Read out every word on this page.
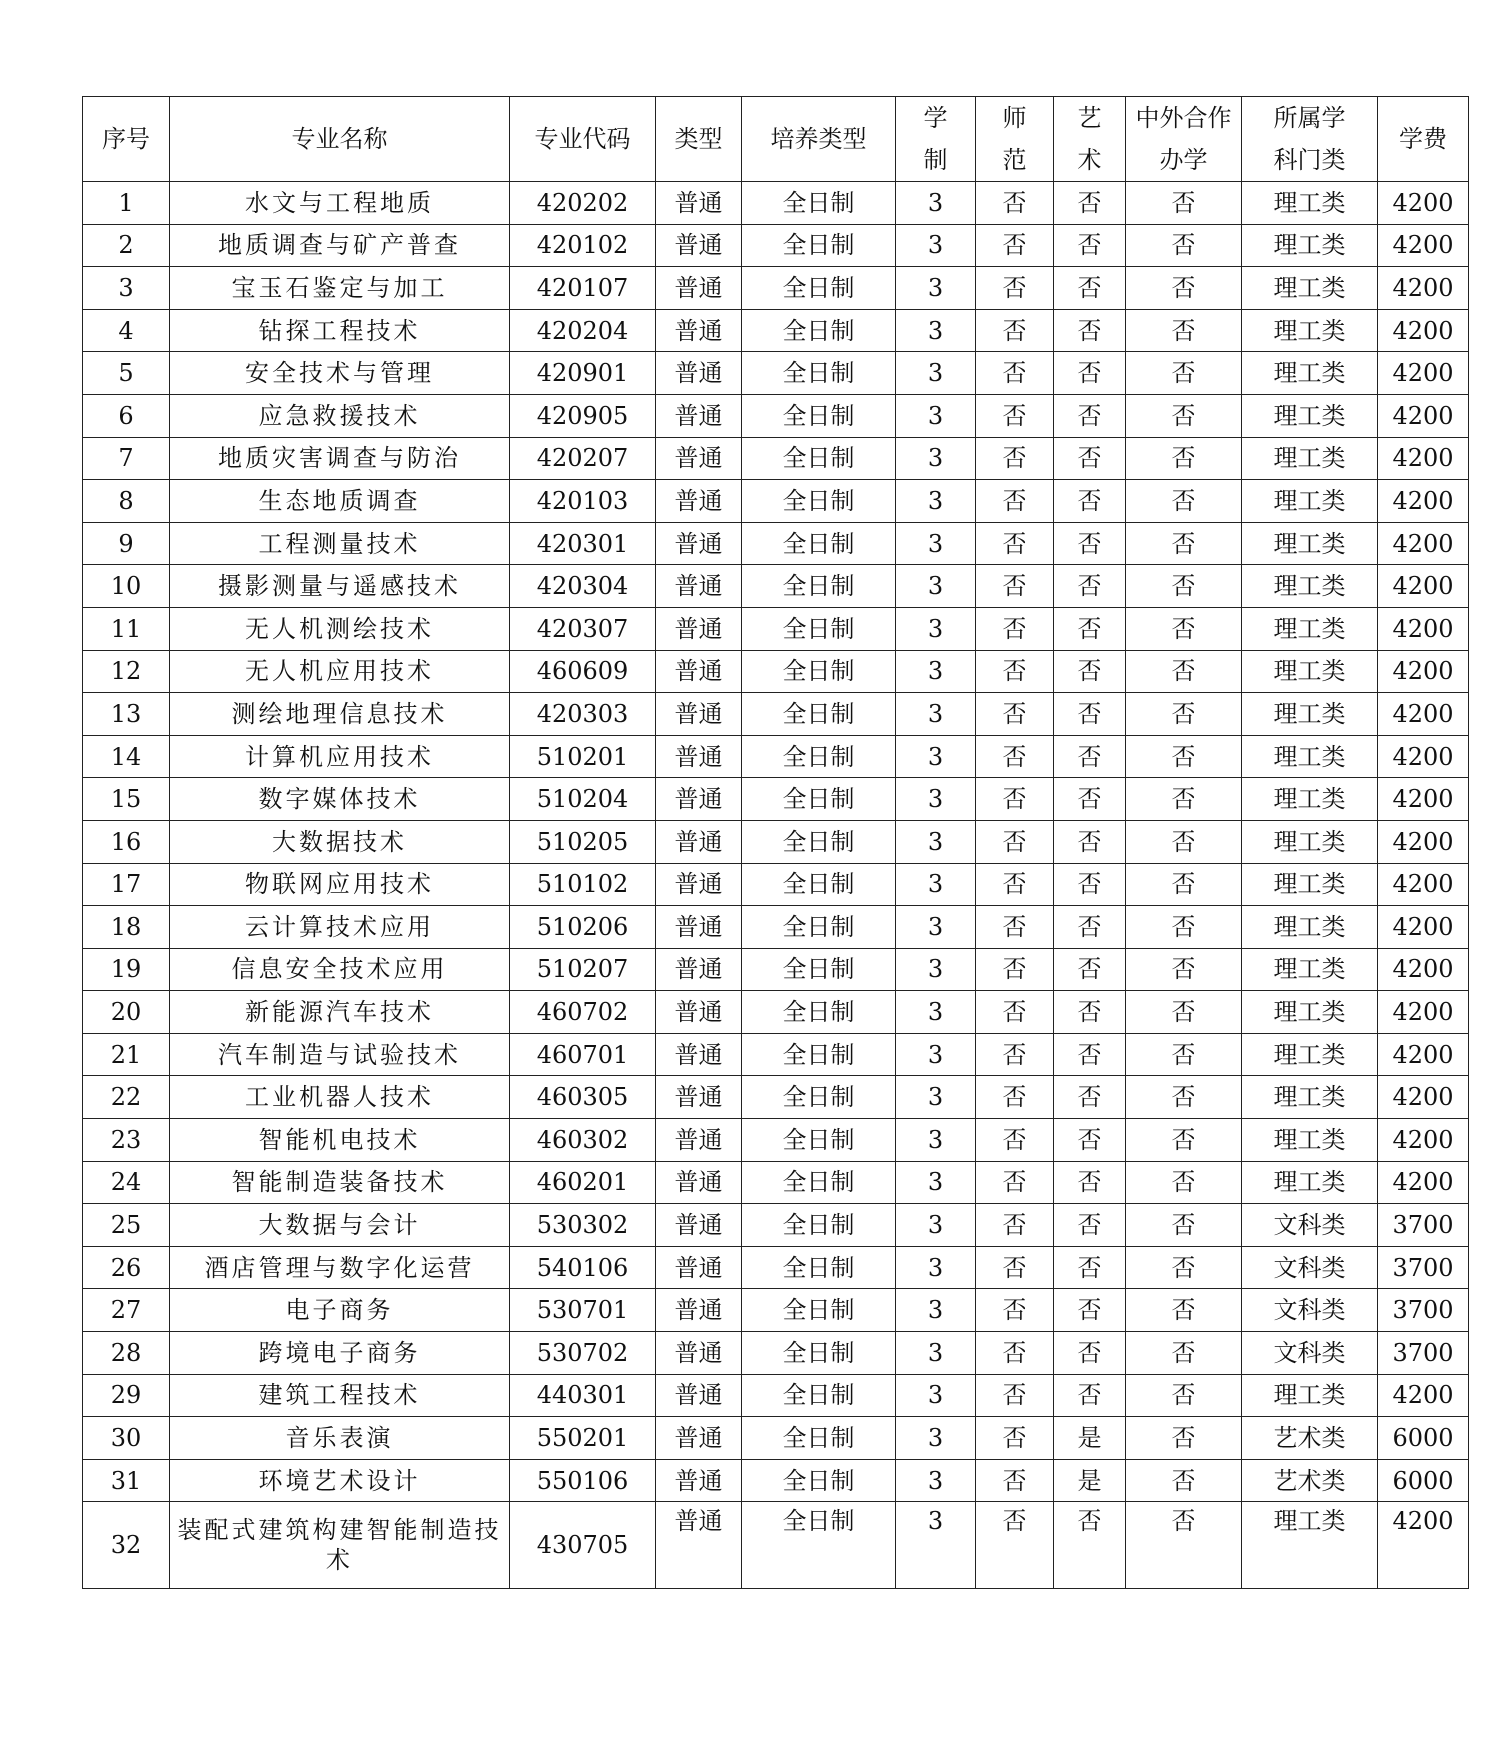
序号	专业名称	专业代码	类型	培养类型	学制	师范	艺术	中外合作办学	所属学科门类	学费
1	水文与工程地质	420202	普通	全日制	3	否	否	否	理工类	4200
2	地质调查与矿产普查	420102	普通	全日制	3	否	否	否	理工类	4200
3	宝玉石鉴定与加工	420107	普通	全日制	3	否	否	否	理工类	4200
4	钻探工程技术	420204	普通	全日制	3	否	否	否	理工类	4200
5	安全技术与管理	420901	普通	全日制	3	否	否	否	理工类	4200
6	应急救援技术	420905	普通	全日制	3	否	否	否	理工类	4200
7	地质灾害调查与防治	420207	普通	全日制	3	否	否	否	理工类	4200
8	生态地质调查	420103	普通	全日制	3	否	否	否	理工类	4200
9	工程测量技术	420301	普通	全日制	3	否	否	否	理工类	4200
10	摄影测量与遥感技术	420304	普通	全日制	3	否	否	否	理工类	4200
11	无人机测绘技术	420307	普通	全日制	3	否	否	否	理工类	4200
12	无人机应用技术	460609	普通	全日制	3	否	否	否	理工类	4200
13	测绘地理信息技术	420303	普通	全日制	3	否	否	否	理工类	4200
14	计算机应用技术	510201	普通	全日制	3	否	否	否	理工类	4200
15	数字媒体技术	510204	普通	全日制	3	否	否	否	理工类	4200
16	大数据技术	510205	普通	全日制	3	否	否	否	理工类	4200
17	物联网应用技术	510102	普通	全日制	3	否	否	否	理工类	4200
18	云计算技术应用	510206	普通	全日制	3	否	否	否	理工类	4200
19	信息安全技术应用	510207	普通	全日制	3	否	否	否	理工类	4200
20	新能源汽车技术	460702	普通	全日制	3	否	否	否	理工类	4200
21	汽车制造与试验技术	460701	普通	全日制	3	否	否	否	理工类	4200
22	工业机器人技术	460305	普通	全日制	3	否	否	否	理工类	4200
23	智能机电技术	460302	普通	全日制	3	否	否	否	理工类	4200
24	智能制造装备技术	460201	普通	全日制	3	否	否	否	理工类	4200
25	大数据与会计	530302	普通	全日制	3	否	否	否	文科类	3700
26	酒店管理与数字化运营	540106	普通	全日制	3	否	否	否	文科类	3700
27	电子商务	530701	普通	全日制	3	否	否	否	文科类	3700
28	跨境电子商务	530702	普通	全日制	3	否	否	否	文科类	3700
29	建筑工程技术	440301	普通	全日制	3	否	否	否	理工类	4200
30	音乐表演	550201	普通	全日制	3	否	是	否	艺术类	6000
31	环境艺术设计	550106	普通	全日制	3	否	是	否	艺术类	6000
32	装配式建筑构建智能制造技术	430705	普通	全日制	3	否	否	否	理工类	4200
